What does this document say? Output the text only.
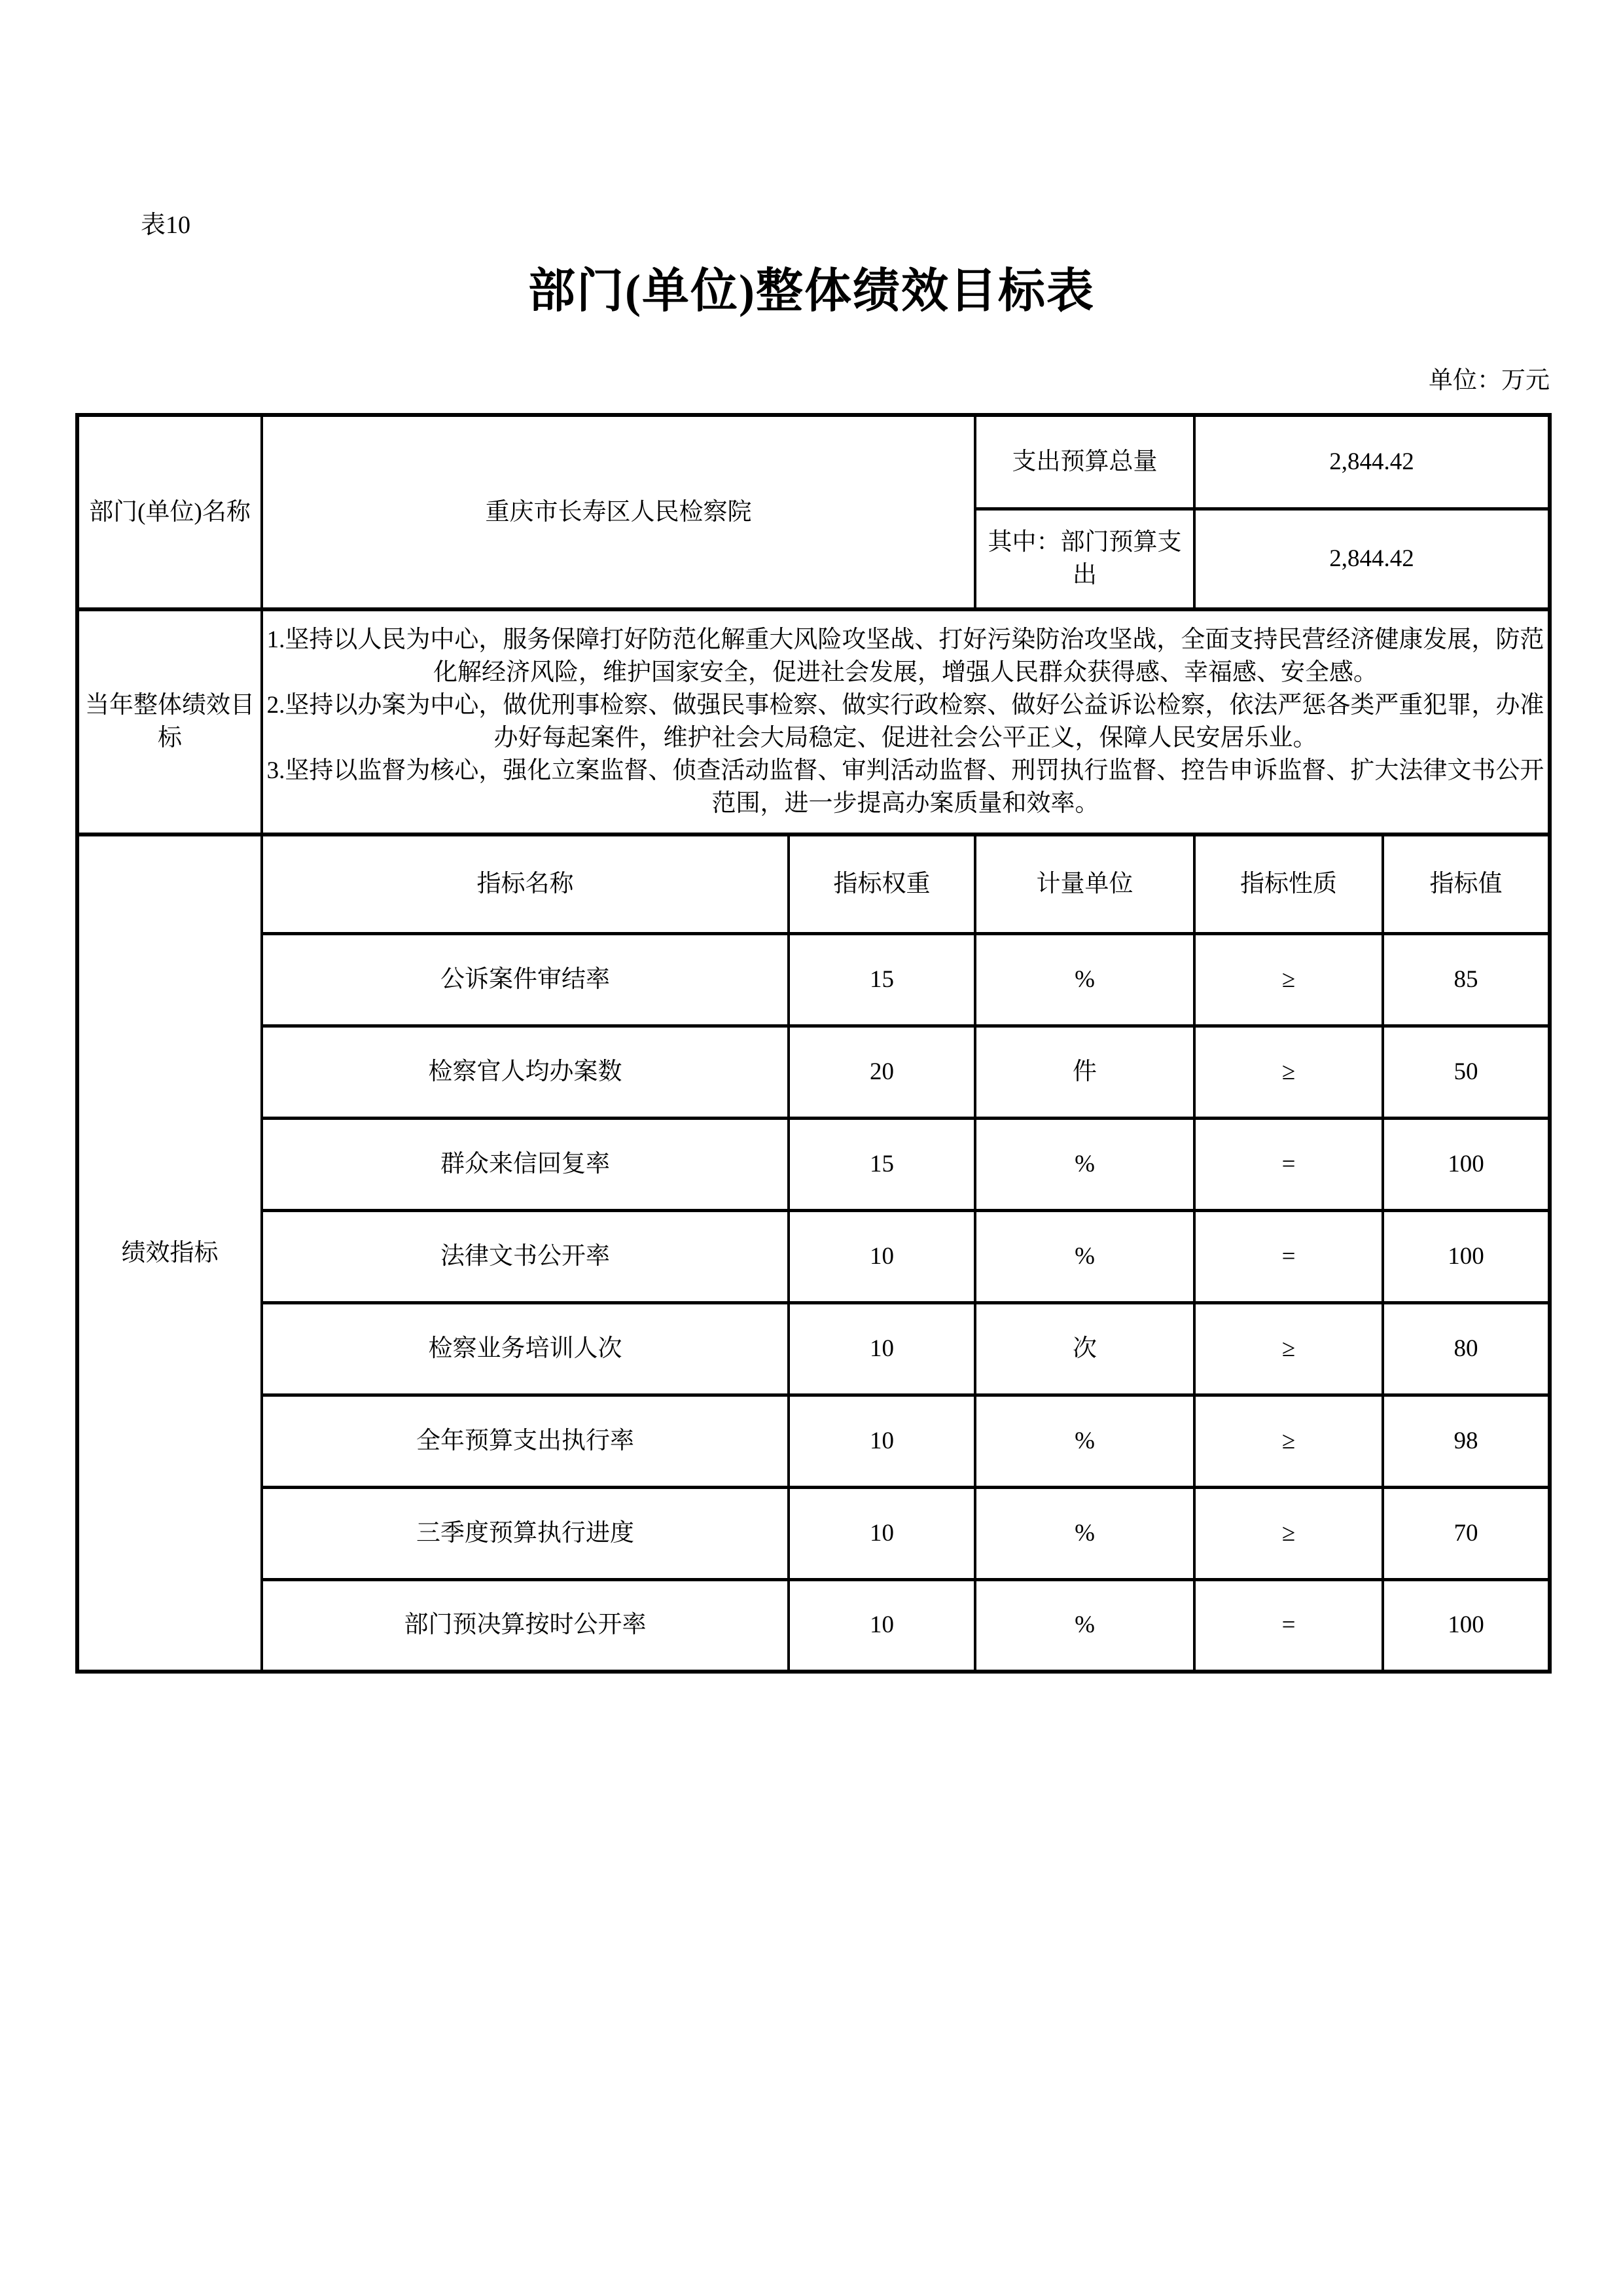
表10
部门(单位)整体绩效目标表
单位：万元
部门(单位)名称	重庆市长寿区人民检察院		支出预算总量	2,844.42	
			其中：部门预算支出	2,844.42	
当年整体绩效目标	1.坚持以人民为中心，服务保障打好防范化解重大风险攻坚战、打好污染防治攻坚战，全面支持民营经济健康发展，防范化解经济风险，维护国家安全，促进社会发展，增强人民群众获得感、幸福感、安全感。
2.坚持以办案为中心，做优刑事检察、做强民事检察、做实行政检察、做好公益诉讼检察，依法严惩各类严重犯罪，办准办好每起案件，维护社会大局稳定、促进社会公平正义，保障人民安居乐业。
3.坚持以监督为核心，强化立案监督、侦查活动监督、审判活动监督、刑罚执行监督、控告申诉监督、扩大法律文书公开范围，进一步提高办案质量和效率。				

绩效指标	指标名称	指标权重	计量单位	指标性质	指标值
	公诉案件审结率	15	%	≥	85
	检察官人均办案数	20	件	≥	50
	群众来信回复率	15	%	=	100
	法律文书公开率	10	%	=	100
	检察业务培训人次	10	次	≥	80
	全年预算支出执行率	10	%	≥	98
	三季度预算执行进度	10	%	≥	70
	部门预决算按时公开率	10	%	=	100
